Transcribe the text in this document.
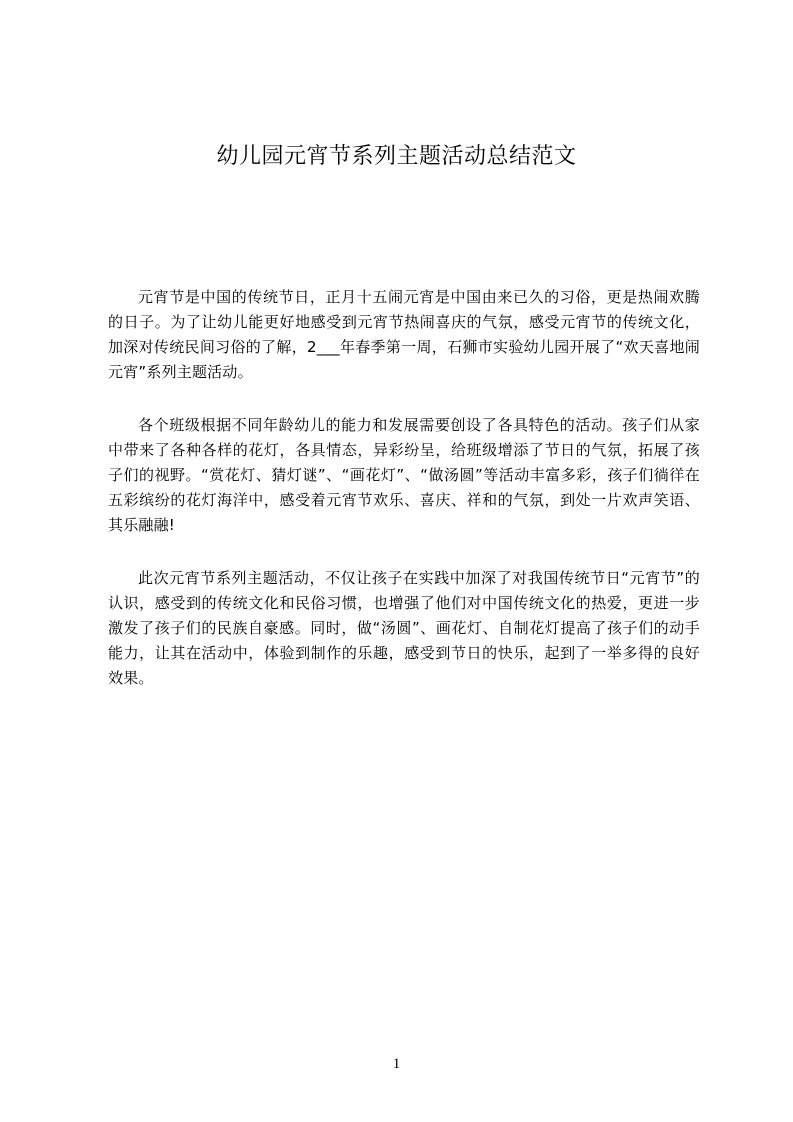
幼儿园元宵节系列主题活动总结范文

元宵节是中国的传统节日，正月十五闹元宵是中国由来已久的习俗，更是热闹欢腾的日子。为了让幼儿能更好地感受到元宵节热闹喜庆的气氛，感受元宵节的传统文化，加深对传统民间习俗的了解，2___年春季第一周，石狮市实验幼儿园开展了“欢天喜地闹元宵”系列主题活动。

各个班级根据不同年龄幼儿的能力和发展需要创设了各具特色的活动。孩子们从家中带来了各种各样的花灯，各具情态，异彩纷呈，给班级增添了节日的气氛，拓展了孩子们的视野。“赏花灯、猜灯谜”、“画花灯”、“做汤圆”等活动丰富多彩，孩子们徜徉在五彩缤纷的花灯海洋中，感受着元宵节欢乐、喜庆、祥和的气氛，到处一片欢声笑语、其乐融融!

此次元宵节系列主题活动，不仅让孩子在实践中加深了对我国传统节日“元宵节”的认识，感受到的传统文化和民俗习惯，也增强了他们对中国传统文化的热爱，更进一步激发了孩子们的民族自豪感。同时，做“汤圆”、画花灯、自制花灯提高了孩子们的动手能力，让其在活动中，体验到制作的乐趣，感受到节日的快乐，起到了一举多得的良好效果。

1
